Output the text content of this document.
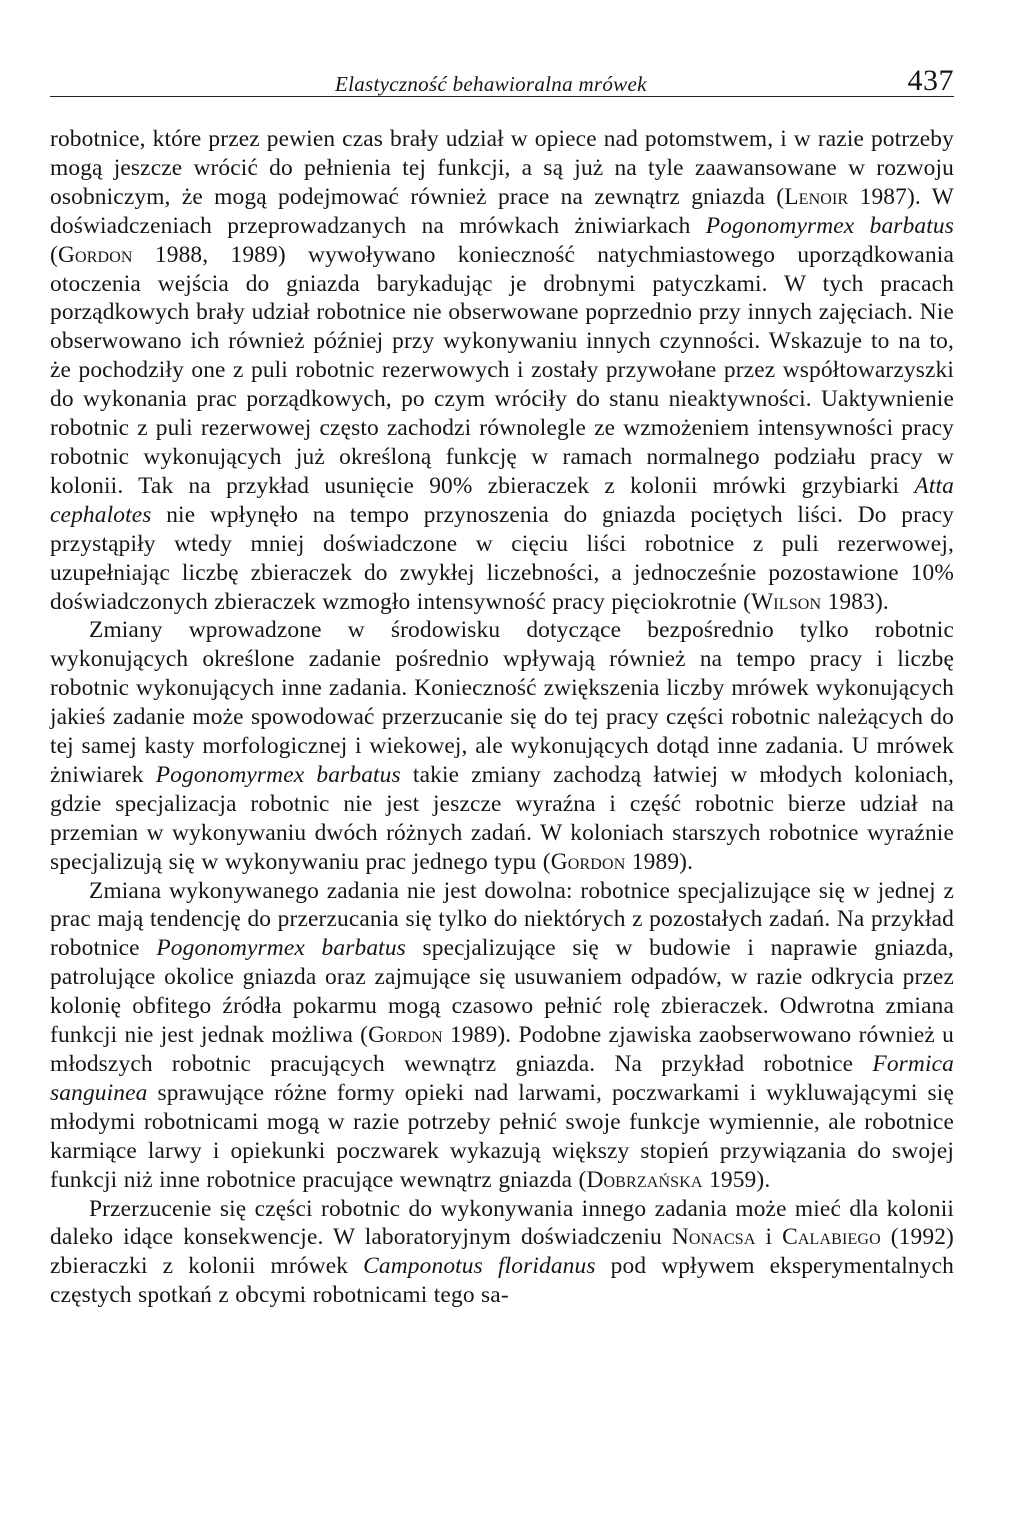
Elastyczność behawioralna mrówek	437

robotnice, które przez pewien czas brały udział w opiece nad potomstwem, i w razie potrzeby mogą jeszcze wrócić do pełnienia tej funkcji, a są już na tyle zaawansowane w rozwoju osobniczym, że mogą podejmować również prace na zewnątrz gniazda (Lenoir 1987). W doświadczeniach przeprowadzanych na mrówkach żniwiarkach Pogonomyrmex barbatus (Gordon 1988, 1989) wywoływano konieczność natychmiastowego uporządkowania otoczenia wejścia do gniazda barykadując je drobnymi patyczkami. W tych pracach porządkowych brały udział robotnice nie obserwowane poprzednio przy innych zajęciach. Nie obserwowano ich również później przy wykonywaniu innych czynności. Wskazuje to na to, że pochodziły one z puli robotnic rezerwowych i zostały przywołane przez współtowarzyszki do wykonania prac porządkowych, po czym wróciły do stanu nieaktywności. Uaktywnienie robotnic z puli rezerwowej często zachodzi równolegle ze wzmożeniem intensywności pracy robotnic wykonujących już określoną funkcję w ramach normalnego podziału pracy w kolonii. Tak na przykład usunięcie 90% zbieraczek z kolonii mrówki grzybiarki Atta cephalotes nie wpłynęło na tempo przynoszenia do gniazda pociętych liści. Do pracy przystąpiły wtedy mniej doświadczone w cięciu liści robotnice z puli rezerwowej, uzupełniając liczbę zbieraczek do zwykłej liczebności, a jednocześnie pozostawione 10% doświadczonych zbieraczek wzmogło intensywność pracy pięciokrotnie (Wilson 1983).

Zmiany wprowadzone w środowisku dotyczące bezpośrednio tylko robotnic wykonujących określone zadanie pośrednio wpływają również na tempo pracy i liczbę robotnic wykonujących inne zadania. Konieczność zwiększenia liczby mrówek wykonujących jakieś zadanie może spowodować przerzucanie się do tej pracy części robotnic należących do tej samej kasty morfologicznej i wiekowej, ale wykonujących dotąd inne zadania. U mrówek żniwiarek Pogonomyrmex barbatus takie zmiany zachodzą łatwiej w młodych koloniach, gdzie specjalizacja robotnic nie jest jeszcze wyraźna i część robotnic bierze udział na przemian w wykonywaniu dwóch różnych zadań. W koloniach starszych robotnice wyraźnie specjalizują się w wykonywaniu prac jednego typu (Gordon 1989).

Zmiana wykonywanego zadania nie jest dowolna: robotnice specjalizujące się w jednej z prac mają tendencję do przerzucania się tylko do niektórych z pozostałych zadań. Na przykład robotnice Pogonomyrmex barbatus specjalizujące się w budowie i naprawie gniazda, patrolujące okolice gniazda oraz zajmujące się usuwaniem odpadów, w razie odkrycia przez kolonię obfitego źródła pokarmu mogą czasowo pełnić rolę zbieraczek. Odwrotna zmiana funkcji nie jest jednak możliwa (Gordon 1989). Podobne zjawiska zaobserwowano również u młodszych robotnic pracujących wewnątrz gniazda. Na przykład robotnice Formica sanguinea sprawujące różne formy opieki nad larwami, poczwarkami i wykluwającymi się młodymi robotnicami mogą w razie potrzeby pełnić swoje funkcje wymiennie, ale robotnice karmiące larwy i opiekunki poczwarek wykazują większy stopień przywiązania do swojej funkcji niż inne robotnice pracujące wewnątrz gniazda (Dobrzańska 1959).

Przerzucenie się części robotnic do wykonywania innego zadania może mieć dla kolonii daleko idące konsekwencje. W laboratoryjnym doświadczeniu Nonacsa i Calabiego (1992) zbieraczki z kolonii mrówek Camponotus floridanus pod wpływem eksperymentalnych częstych spotkań z obcymi robotnicami tego sa-
